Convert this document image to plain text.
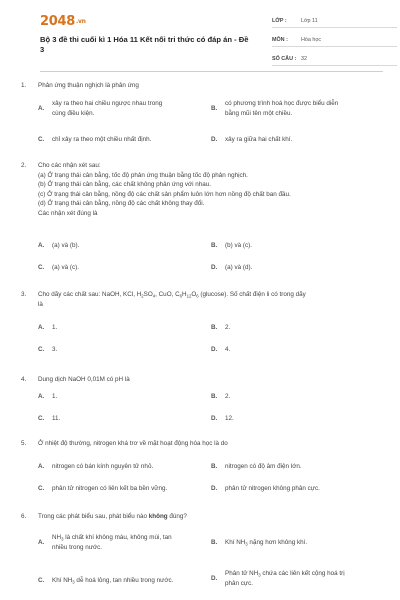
2048.vn
Bộ 3 đề thi cuối kì 1 Hóa 11 Kết nối tri thức có đáp án - Đề 3
LỚP :	Lớp 11
MÔN :	Hóa học
SỐ CÂU : 32
1. Phản ứng thuận nghịch là phản ứng
A.
xảy ra theo hai chiều ngược nhau trong
cùng điều kiện.
B.
có phương trình hoá học được biểu diễn
bằng mũi tên một chiều.
C. chỉ xảy ra theo một chiều nhất định.	D. xảy ra giữa hai chất khí.
2. Cho các nhận xét sau:
(a) Ở trạng thái cân bằng, tốc độ phản ứng thuận bằng tốc độ phản nghịch.
(b) Ở trạng thái cân bằng, các chất không phản ứng với nhau.
(c) Ở trạng thái cân bằng, nồng độ các chất sản phẩm luôn lớn hơn nồng độ chất ban đầu.
(d) Ở trạng thái cân bằng, nồng độ các chất không thay đổi.
Các nhận xét đúng là
A. (a) và (b).	B. (b) và (c).
C. (a) và (c).	D. (a) và (d).
3. Cho dãy các chất sau: NaOH, KCl, $H_2SO_4$, CuO, $C_6H_{12}O_6$ (glucose). Số chất điện li có trong dãy
là
A. 1.	B. 2.
C. 3.	D. 4.
4. Dung dịch NaOH 0,01M có pH là
A. 1.	B. 2.
C. 11.	D. 12.
5. Ở nhiệt độ thường, nitrogen khá trơ về mặt hoạt động hóa học là do
A. nitrogen có bán kính nguyên tử nhỏ.	B. nitrogen có độ âm điện lớn.
C. phân tử nitrogen có liên kết ba bền vững.	D. phân tử nitrogen không phân cực.
6. Trong các phát biểu sau, phát biểu nào không đúng?
A.
$NH_3$ là chất khí không màu, không mùi, tan
nhiều trong nước.
B. Khí $NH_3$ nặng hơn không khí.
C. Khí $NH_3$ dễ hoá lỏng, tan nhiều trong nước.	D.
Phân tử $NH_3$ chứa các liên kết cộng hoá trị
phân cực.
